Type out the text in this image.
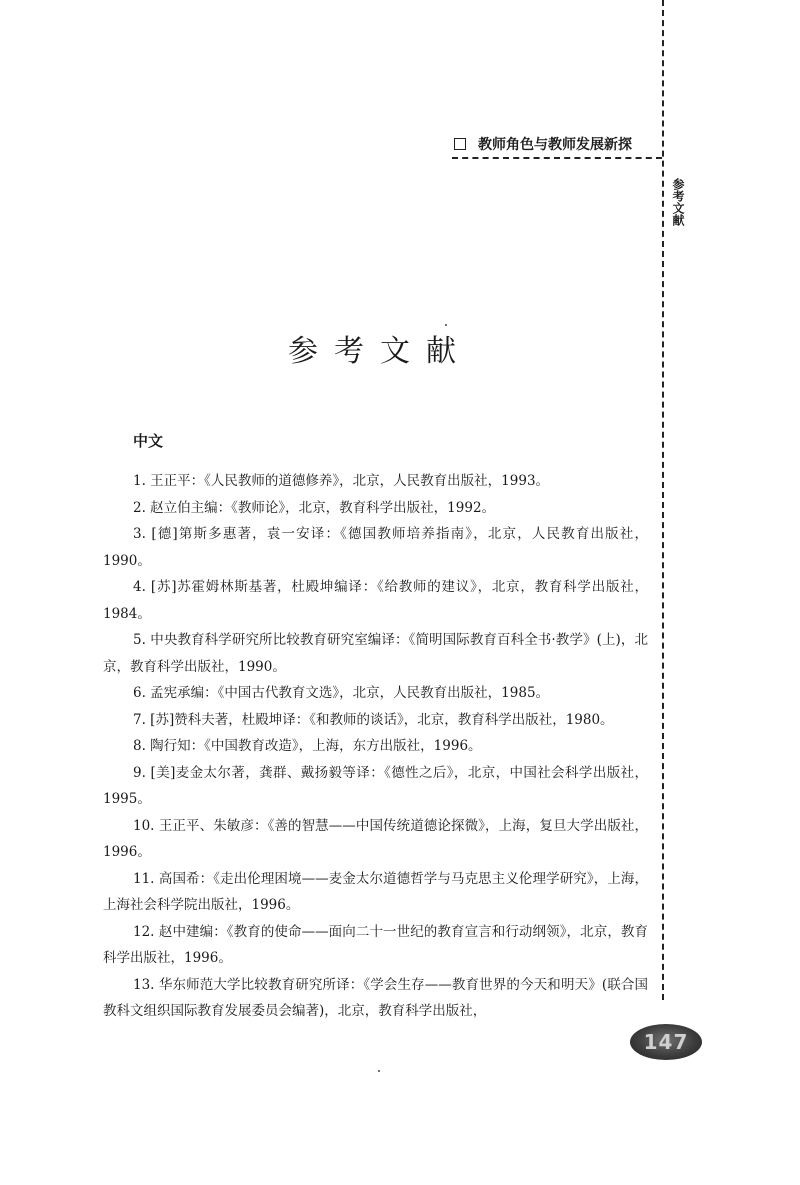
教师角色与教师发展新探
参考文献
参考文献
中文
1. 王正平：《人民教师的道德修养》，北京，人民教育出版社，1993。
2. 赵立伯主编：《教师论》，北京，教育科学出版社，1992。
3. [德]第斯多惠著，袁一安译：《德国教师培养指南》，北京，人民教育出版社，1990。
4. [苏]苏霍姆林斯基著，杜殿坤编译：《给教师的建议》，北京，教育科学出版社，1984。
5. 中央教育科学研究所比较教育研究室编译：《简明国际教育百科全书·教学》(上)，北京，教育科学出版社，1990。
6. 孟宪承编：《中国古代教育文选》，北京，人民教育出版社，1985。
7. [苏]赞科夫著，杜殿坤译：《和教师的谈话》，北京，教育科学出版社，1980。
8. 陶行知：《中国教育改造》，上海，东方出版社，1996。
9. [美]麦金太尔著，龚群、戴扬毅等译：《德性之后》，北京，中国社会科学出版社，1995。
10. 王正平、朱敏彦：《善的智慧——中国传统道德论探微》，上海，复旦大学出版社，1996。
11. 高国希：《走出伦理困境——麦金太尔道德哲学与马克思主义伦理学研究》，上海，上海社会科学院出版社，1996。
12. 赵中建编：《教育的使命——面向二十一世纪的教育宣言和行动纲领》，北京，教育科学出版社，1996。
13. 华东师范大学比较教育研究所译：《学会生存——教育世界的今天和明天》(联合国教科文组织国际教育发展委员会编著)，北京，教育科学出版社，
147
